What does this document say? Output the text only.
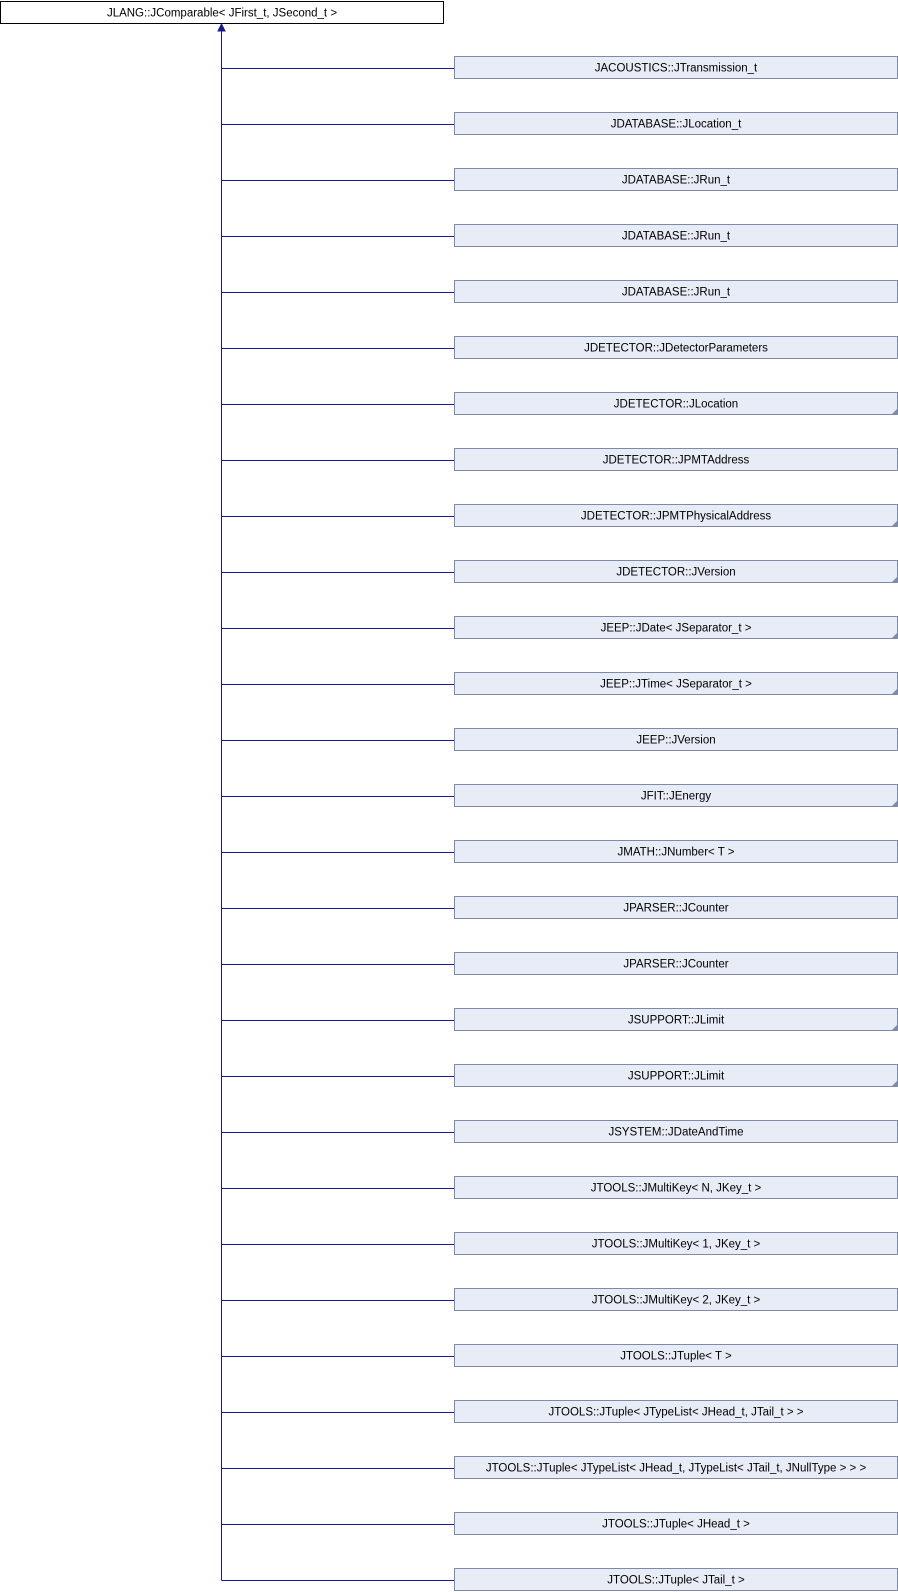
JLANG::JComparable< JFirst_t, JSecond_t >
JACOUSTICS::JTransmission_t
JDATABASE::JLocation_t
JDATABASE::JRun_t
JDATABASE::JRun_t
JDATABASE::JRun_t
JDETECTOR::JDetectorParameters
JDETECTOR::JLocation
JDETECTOR::JPMTAddress
JDETECTOR::JPMTPhysicalAddress
JDETECTOR::JVersion
JEEP::JDate< JSeparator_t >
JEEP::JTime< JSeparator_t >
JEEP::JVersion
JFIT::JEnergy
JMATH::JNumber< T >
JPARSER::JCounter
JPARSER::JCounter
JSUPPORT::JLimit
JSUPPORT::JLimit
JSYSTEM::JDateAndTime
JTOOLS::JMultiKey< N, JKey_t >
JTOOLS::JMultiKey< 1, JKey_t >
JTOOLS::JMultiKey< 2, JKey_t >
JTOOLS::JTuple< T >
JTOOLS::JTuple< JTypeList< JHead_t, JTail_t > >
JTOOLS::JTuple< JTypeList< JHead_t, JTypeList< JTail_t, JNullType > > >
JTOOLS::JTuple< JHead_t >
JTOOLS::JTuple< JTail_t >
